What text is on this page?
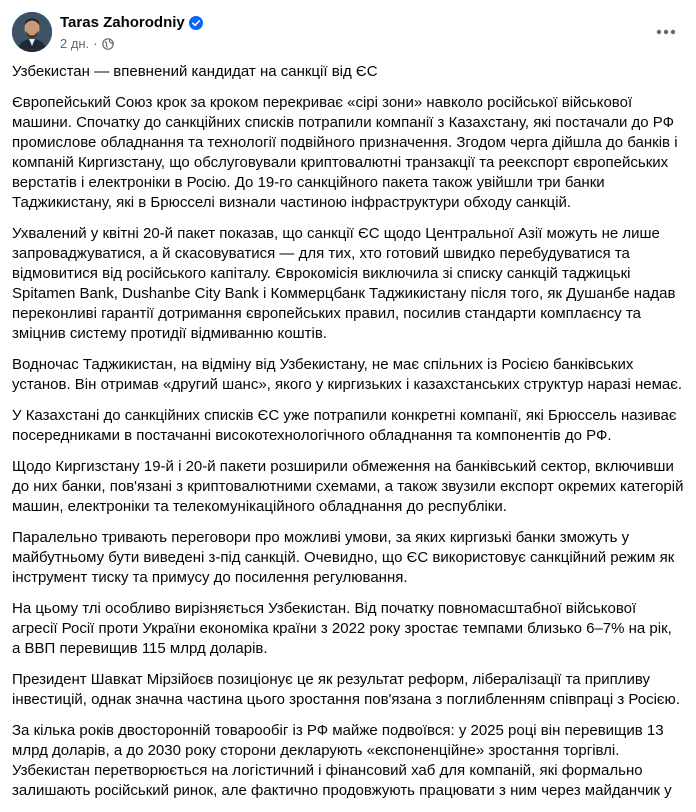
Taras Zahorodniy
2 дн. ·

Узбекистан — впевнений кандидат на санкції від ЄС

Європейський Союз крок за кроком перекриває «сірі зони» навколо російської військової машини. Спочатку до санкційних списків потрапили компанії з Казахстану, які постачали до РФ промислове обладнання та технології подвійного призначення. Згодом черга дійшла до банків і компаній Киргизстану, що обслуговували криптовалютні транзакції та реекспорт європейських верстатів і електроніки в Росію. До 19-го санкційного пакета також увійшли три банки Таджикистану, які в Брюсселі визнали частиною інфраструктури обходу санкцій.

Ухвалений у квітні 20-й пакет показав, що санкції ЄС щодо Центральної Азії можуть не лише запроваджуватися, а й скасовуватися — для тих, хто готовий швидко перебудуватися та відмовитися від російського капіталу. Єврокомісія виключила зі списку санкцій таджицькі Spitamen Bank, Dushanbe City Bank і Коммерцбанк Таджикистану після того, як Душанбе надав переконливі гарантії дотримання європейських правил, посилив стандарти комплаєнсу та зміцнив систему протидії відмиванню коштів.

Водночас Таджикистан, на відміну від Узбекистану, не має спільних із Росією банківських установ. Він отримав «другий шанс», якого у киргизьких і казахстанських структур наразі немає.

У Казахстані до санкційних списків ЄС уже потрапили конкретні компанії, які Брюссель називає посередниками в постачанні високотехнологічного обладнання та компонентів до РФ.

Щодо Киргизстану 19-й і 20-й пакети розширили обмеження на банківський сектор, включивши до них банки, пов'язані з криптовалютними схемами, а також звузили експорт окремих категорій машин, електроніки та телекомунікаційного обладнання до республіки.

Паралельно тривають переговори про можливі умови, за яких киргизькі банки зможуть у майбутньому бути виведені з-під санкцій. Очевидно, що ЄС використовує санкційний режим як інструмент тиску та примусу до посилення регулювання.

На цьому тлі особливо вирізняється Узбекистан. Від початку повномасштабної військової агресії Росії проти України економіка країни з 2022 року зростає темпами близько 6–7% на рік, а ВВП перевищив 115 млрд доларів.

Президент Шавкат Мірзійоєв позиціонує це як результат реформ, лібералізації та припливу інвестицій, однак значна частина цього зростання пов'язана з поглибленням співпраці з Росією.

За кілька років двосторонній товарообіг із РФ майже подвоївся: у 2025 році він перевищив 13 млрд доларів, а до 2030 року сторони декларують «експоненційне» зростання торгівлі. Узбекистан перетворюється на логістичний і фінансовий хаб для компаній, які формально залишають російський ринок, але фактично продовжують працювати з ним через майданчик у
